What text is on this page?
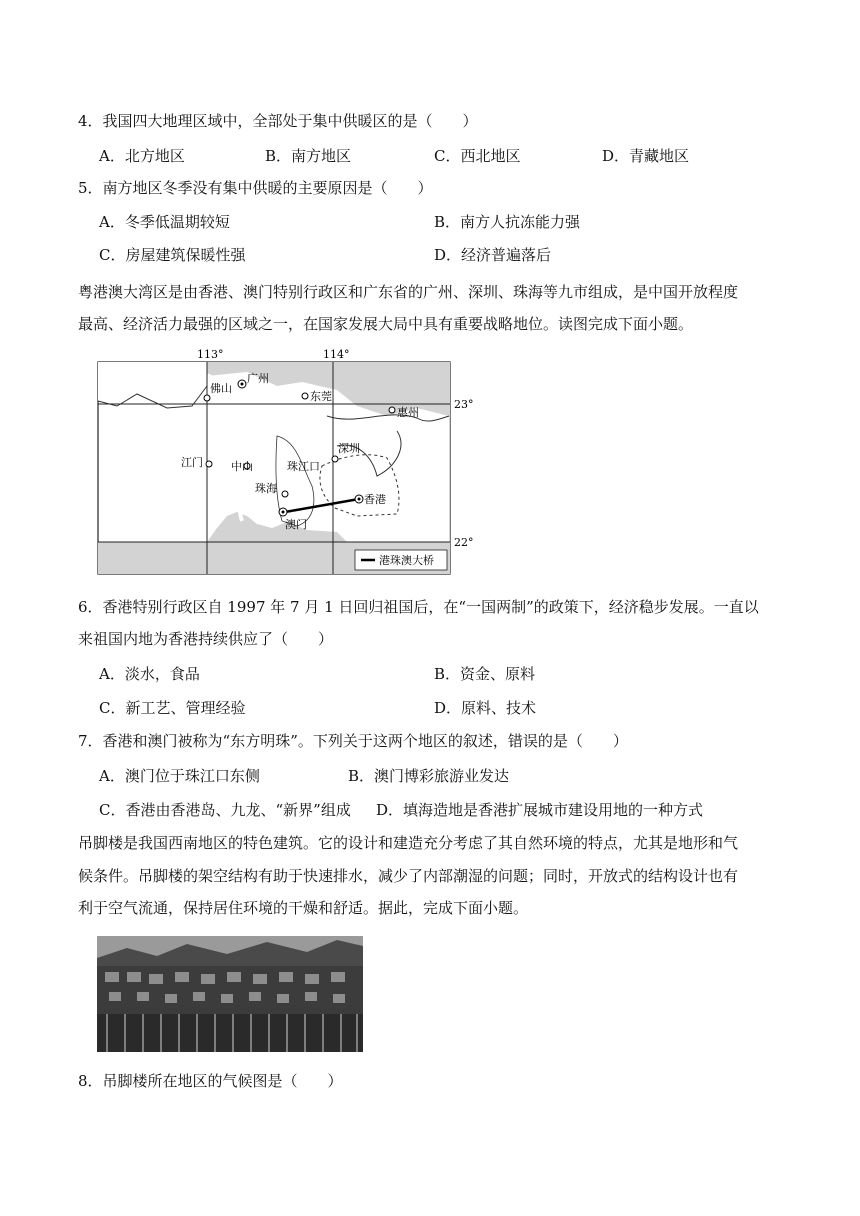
4．我国四大地理区域中，全部处于集中供暖区的是（　　）
A．北方地区	B．南方地区	C．西北地区	D．青藏地区
5．南方地区冬季没有集中供暖的主要原因是（　　）
A．冬季低温期较短	B．南方人抗冻能力强
C．房屋建筑保暖性强	D．经济普遍落后
粤港澳大湾区是由香港、澳门特别行政区和广东省的广州、深圳、珠海等九市组成，是中国开放程度
最高、经济活力最强的区域之一，在国家发展大局中具有重要战略地位。读图完成下面小题。
113°	114°
23°
22°
广州
佛山
东莞
惠州
深圳
江门	中山	珠江口
珠海
香港
澳门
港珠澳大桥
6．香港特别行政区自 1997 年 7 月 1 日回归祖国后，在“一国两制”的政策下，经济稳步发展。一直以
来祖国内地为香港持续供应了（　　）
A．淡水，食品	B．资金、原料
C．新工艺、管理经验	D．原料、技术
7．香港和澳门被称为“东方明珠”。下列关于这两个地区的叙述，错误的是（　　）
A．澳门位于珠江口东侧	B．澳门博彩旅游业发达
C．香港由香港岛、九龙、“新界”组成 D．填海造地是香港扩展城市建设用地的一种方式
吊脚楼是我国西南地区的特色建筑。它的设计和建造充分考虑了其自然环境的特点，尤其是地形和气
候条件。吊脚楼的架空结构有助于快速排水，减少了内部潮湿的问题；同时，开放式的结构设计也有
利于空气流通，保持居住环境的干燥和舒适。据此，完成下面小题。
8．吊脚楼所在地区的气候图是（　　）
